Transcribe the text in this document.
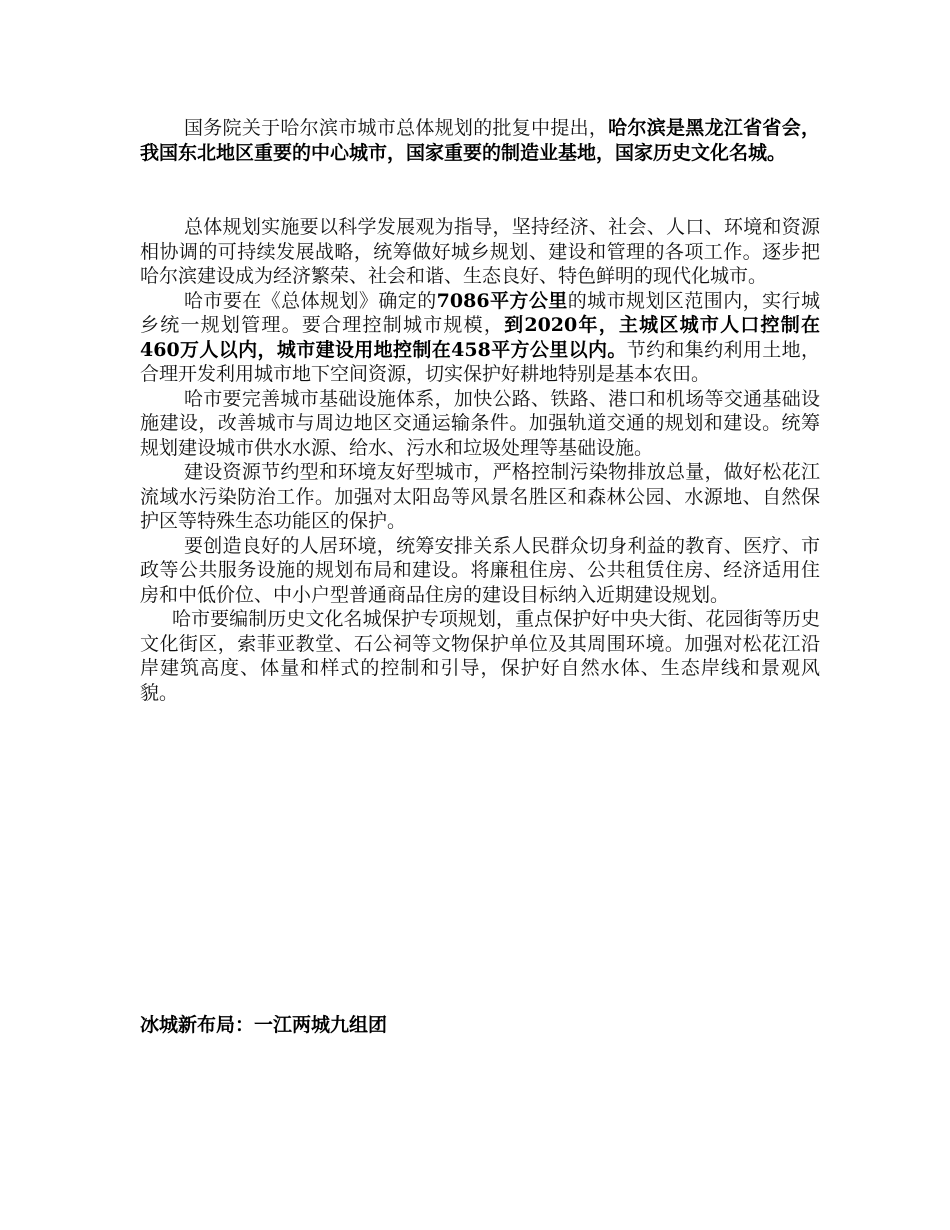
国务院关于哈尔滨市城市总体规划的批复中提出，哈尔滨是黑龙江省省会，我国东北地区重要的中心城市，国家重要的制造业基地，国家历史文化名城。

总体规划实施要以科学发展观为指导，坚持经济、社会、人口、环境和资源相协调的可持续发展战略，统筹做好城乡规划、建设和管理的各项工作。逐步把哈尔滨建设成为经济繁荣、社会和谐、生态良好、特色鲜明的现代化城市。

哈市要在《总体规划》确定的7086平方公里的城市规划区范围内，实行城乡统一规划管理。要合理控制城市规模，到2020年，主城区城市人口控制在460万人以内，城市建设用地控制在458平方公里以内。节约和集约利用土地，合理开发利用城市地下空间资源，切实保护好耕地特别是基本农田。

哈市要完善城市基础设施体系，加快公路、铁路、港口和机场等交通基础设施建设，改善城市与周边地区交通运输条件。加强轨道交通的规划和建设。统筹规划建设城市供水水源、给水、污水和垃圾处理等基础设施。

建设资源节约型和环境友好型城市，严格控制污染物排放总量，做好松花江流域水污染防治工作。加强对太阳岛等风景名胜区和森林公园、水源地、自然保护区等特殊生态功能区的保护。

要创造良好的人居环境，统筹安排关系人民群众切身利益的教育、医疗、市政等公共服务设施的规划布局和建设。将廉租住房、公共租赁住房、经济适用住房和中低价位、中小户型普通商品住房的建设目标纳入近期建设规划。

哈市要编制历史文化名城保护专项规划，重点保护好中央大街、花园街等历史文化街区，索菲亚教堂、石公祠等文物保护单位及其周围环境。加强对松花江沿岸建筑高度、体量和样式的控制和引导，保护好自然水体、生态岸线和景观风貌。

冰城新布局：一江两城九组团
